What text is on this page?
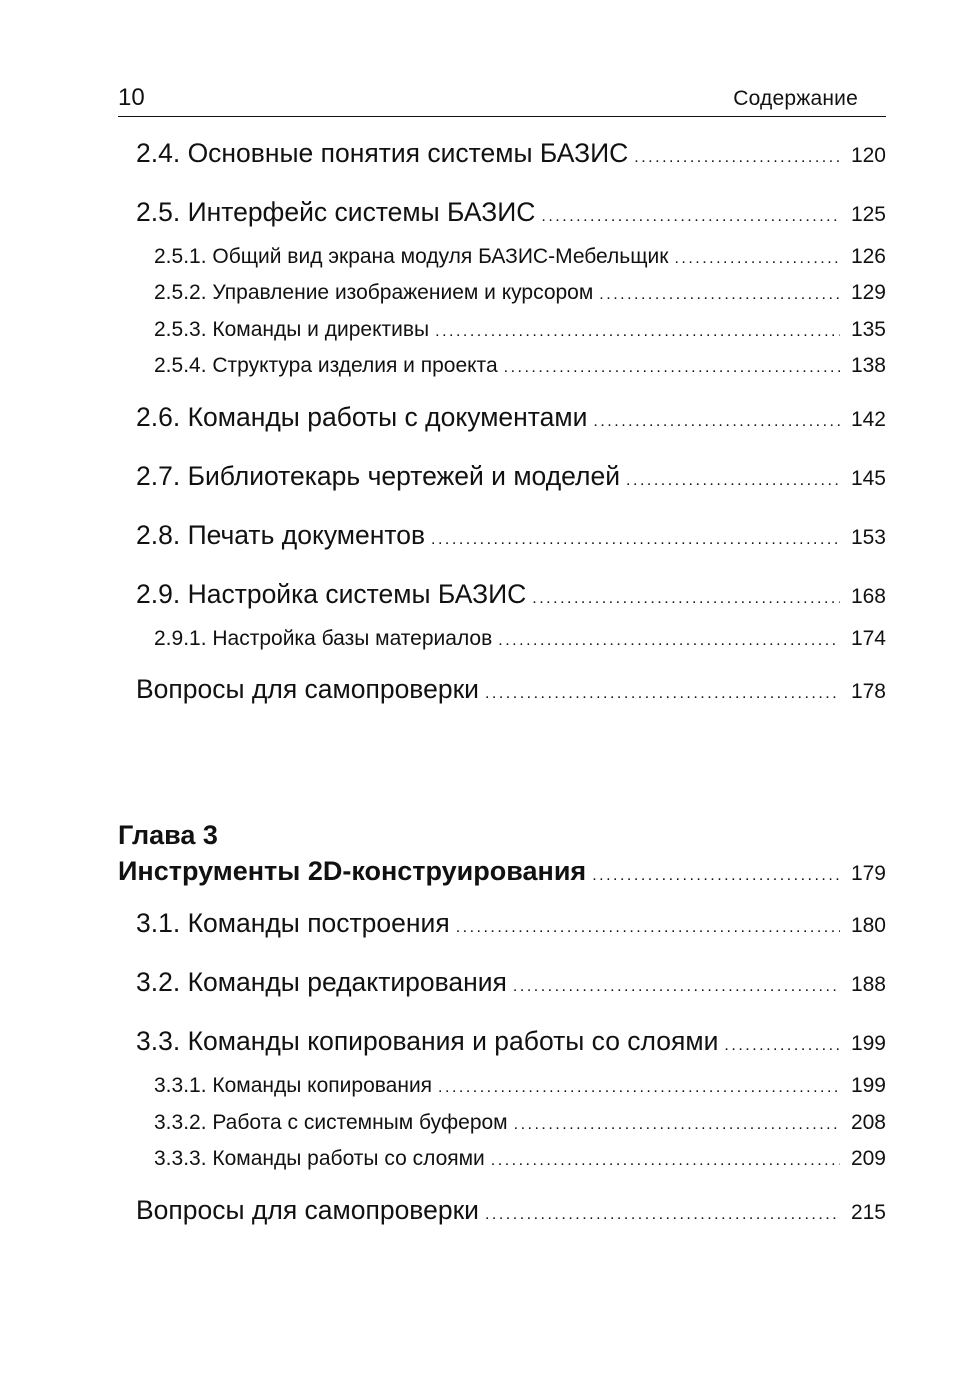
10	Содержание
2.4. Основные понятия системы БАЗИС .....	120
2.5. Интерфейс системы БАЗИС .....	125
2.5.1. Общий вид экрана модуля БАЗИС-Мебельщик .....	126
2.5.2. Управление изображением и курсором .....	129
2.5.3. Команды и директивы .....	135
2.5.4. Структура изделия и проекта .....	138
2.6. Команды работы с документами .....	142
2.7. Библиотекарь чертежей и моделей .....	145
2.8. Печать документов .....	153
2.9. Настройка системы БАЗИС .....	168
2.9.1. Настройка базы материалов .....	174
Вопросы для самопроверки .....	178
Глава 3
Инструменты 2D-конструирования .....	179
3.1. Команды построения .....	180
3.2. Команды редактирования .....	188
3.3. Команды копирования и работы со слоями .....	199
3.3.1. Команды копирования .....	199
3.3.2. Работа с системным буфером .....	208
3.3.3. Команды работы со слоями .....	209
Вопросы для самопроверки .....	215
